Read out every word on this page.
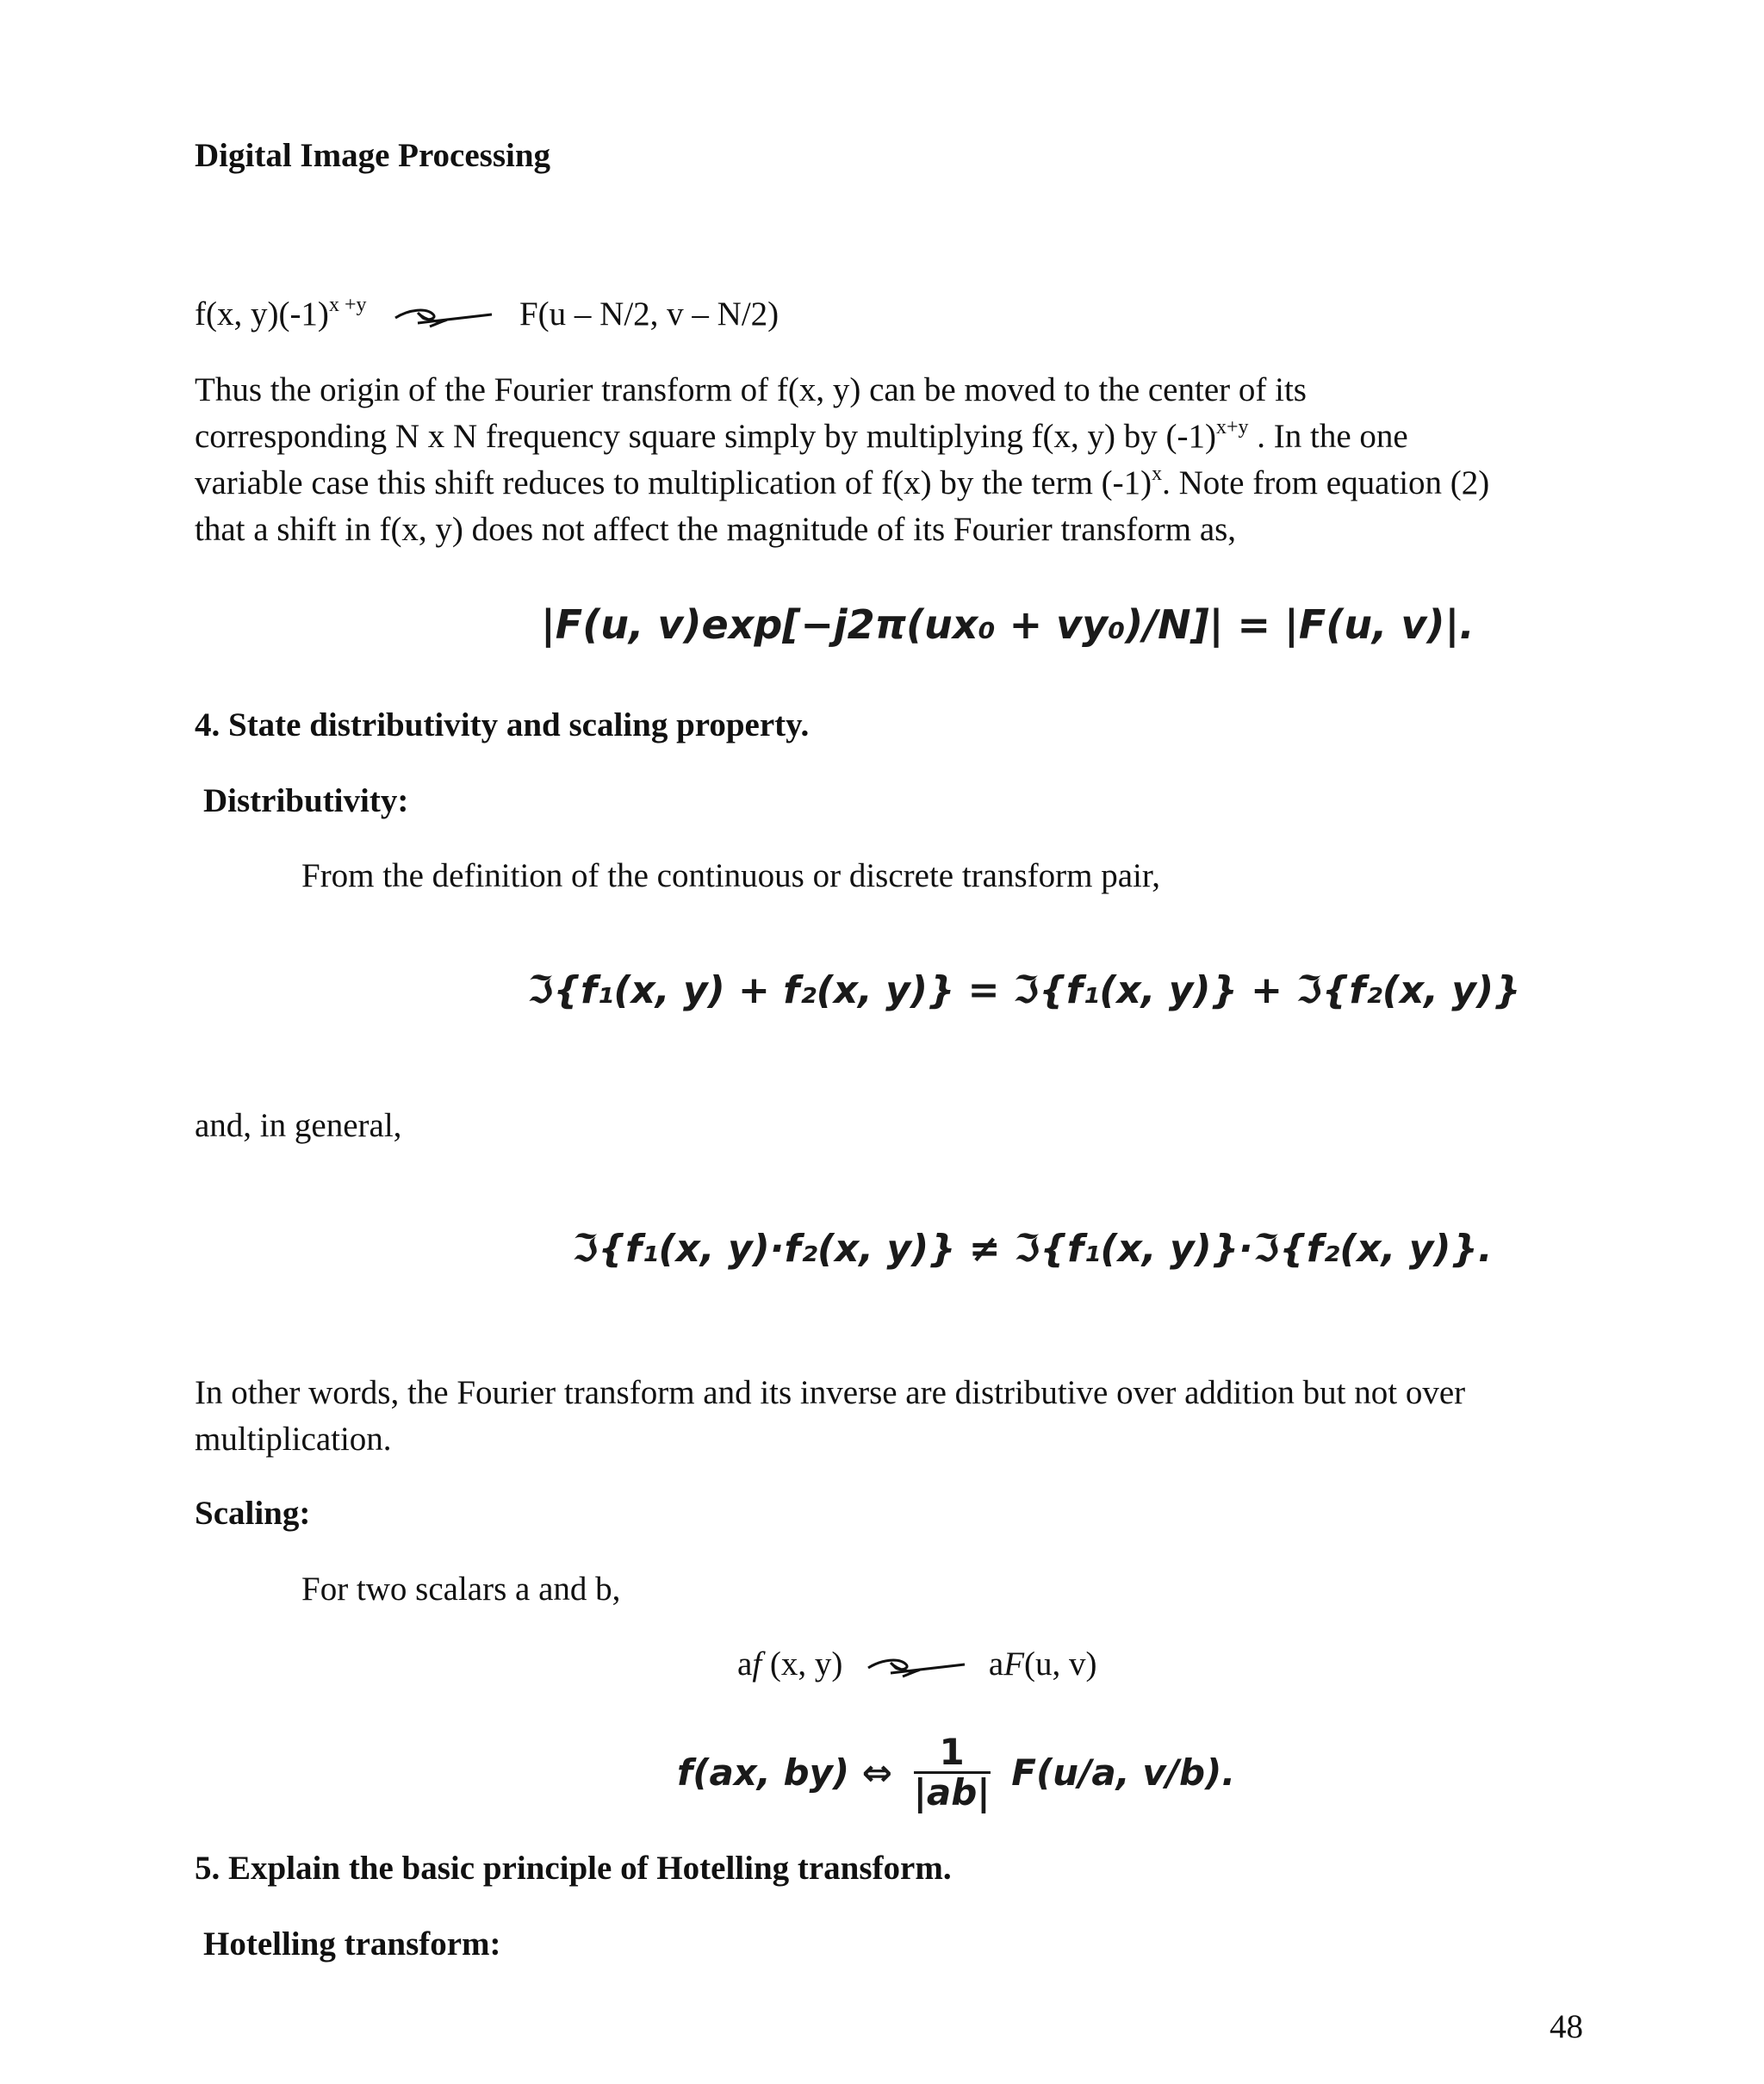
Digital Image Processing
f(x, $y)(-1)^{x +y}$	F(u – N/2, v – N/2)
Thus the origin of the Fourier transform of f(x, y) can be moved to the center of its
corresponding N x N frequency square simply by multiplying f(x, y) by $(-1)^{x+y}$ . In the one
variable case this shift reduces to multiplication of f(x) by the term $(-1)^x$. Note from equation (2)
that a shift in f(x, y) does not affect the magnitude of its Fourier transform as,
|F(u, v)exp[−j2π(ux₀ + vy₀)/N]| = |F(u, v)|.
4. State distributivity and scaling property.
Distributivity:
From the definition of the continuous or discrete transform pair,
ℑ{f₁(x, y) + f₂(x, y)} = ℑ{f₁(x, y)} + ℑ{f₂(x, y)}
and, in general,
ℑ{f₁(x, y)·f₂(x, y)} ≠ ℑ{f₁(x, y)}·ℑ{f₂(x, y)}.
In other words, the Fourier transform and its inverse are distributive over addition but not over
multiplication.
Scaling:
For two scalars a and b,
af (x, y)	aF(u, v)
f(ax, by) ⇔ $\frac{1}{|ab|} F(u/a$, v/b).
5. Explain the basic principle of Hotelling transform.
Hotelling transform:
48
